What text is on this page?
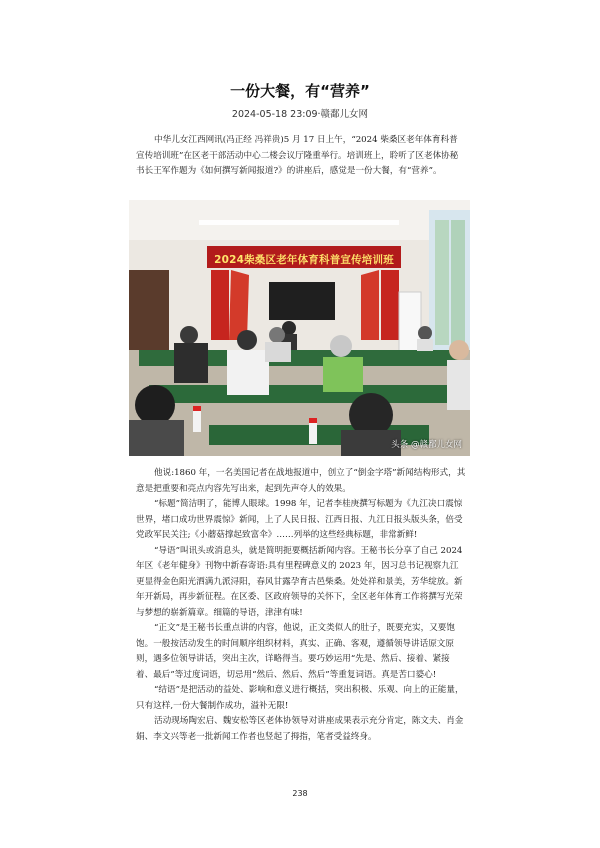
一份大餐，有“营养”
2024-05-18 23:09·赣鄱儿女网

中华儿女江西网讯(冯正经 冯祥贵)5 月 17 日上午，“2024 柴桑区老年体育科普宣传培训班”在区老干部活动中心二楼会议厅隆重举行。培训班上，聆听了区老体协秘书长王军作题为《如何撰写新闻报道?》的讲座后，感觉是一份大餐，有“营养”。

2024柴桑区老年体育科普宣传培训班
头条 @赣鄱儿女网

他说:1860 年，一名美国记者在战地报道中，创立了“倒金字塔”新闻结构形式，其意是把重要和亮点内容先写出来，起到先声夺人的效果。

“标题”简洁明了，能博人眼球。1998 年，记者李桂庚撰写标题为《九江决口震惊世界，堵口成功世界震惊》新闻，上了人民日报、江西日报、九江日报头版头条，倍受党政军民关注;《小蘑菇撑起致富伞》……列举的这些经典标题，非常新鲜!

“导语”叫讯头或消息头，就是简明扼要概括新闻内容。王秘书长分享了自己 2024 年区《老年健身》刊物中新春寄语:具有里程碑意义的 2023 年，因习总书记视察九江更显得金色阳光洒满九派浔阳，春风甘露孕育古邑柴桑。处处祥和景美，芳华绽放。新年开新局，再步新征程。在区委、区政府领导的关怀下，全区老年体育工作将撰写光荣与梦想的崭新篇章。细篇的导语，津津有味!

“正文”是王秘书长重点讲的内容，他说，正文类似人的肚子，既要充实，又要饱饱。一般按活动发生的时间顺序组织材料，真实、正确、客观，遵循领导讲话原文原则，遇多位领导讲话，突出主次，详略得当。要巧妙运用“先是、然后、接着、紧接着、最后”等过度词语，切忌用“然后、然后、然后”等重复词语。真是苦口婆心!

“结语”是把活动的益处、影响和意义进行概括，突出积极、乐观、向上的正能量，只有这样,一份大餐制作成功，溢补无限!

活动现场陶宏启、魏安松等区老体协领导对讲座成果表示充分肯定，陈文夫、肖金娟、李文兴等老一批新闻工作者也竖起了拇指，笔者受益终身。

238
